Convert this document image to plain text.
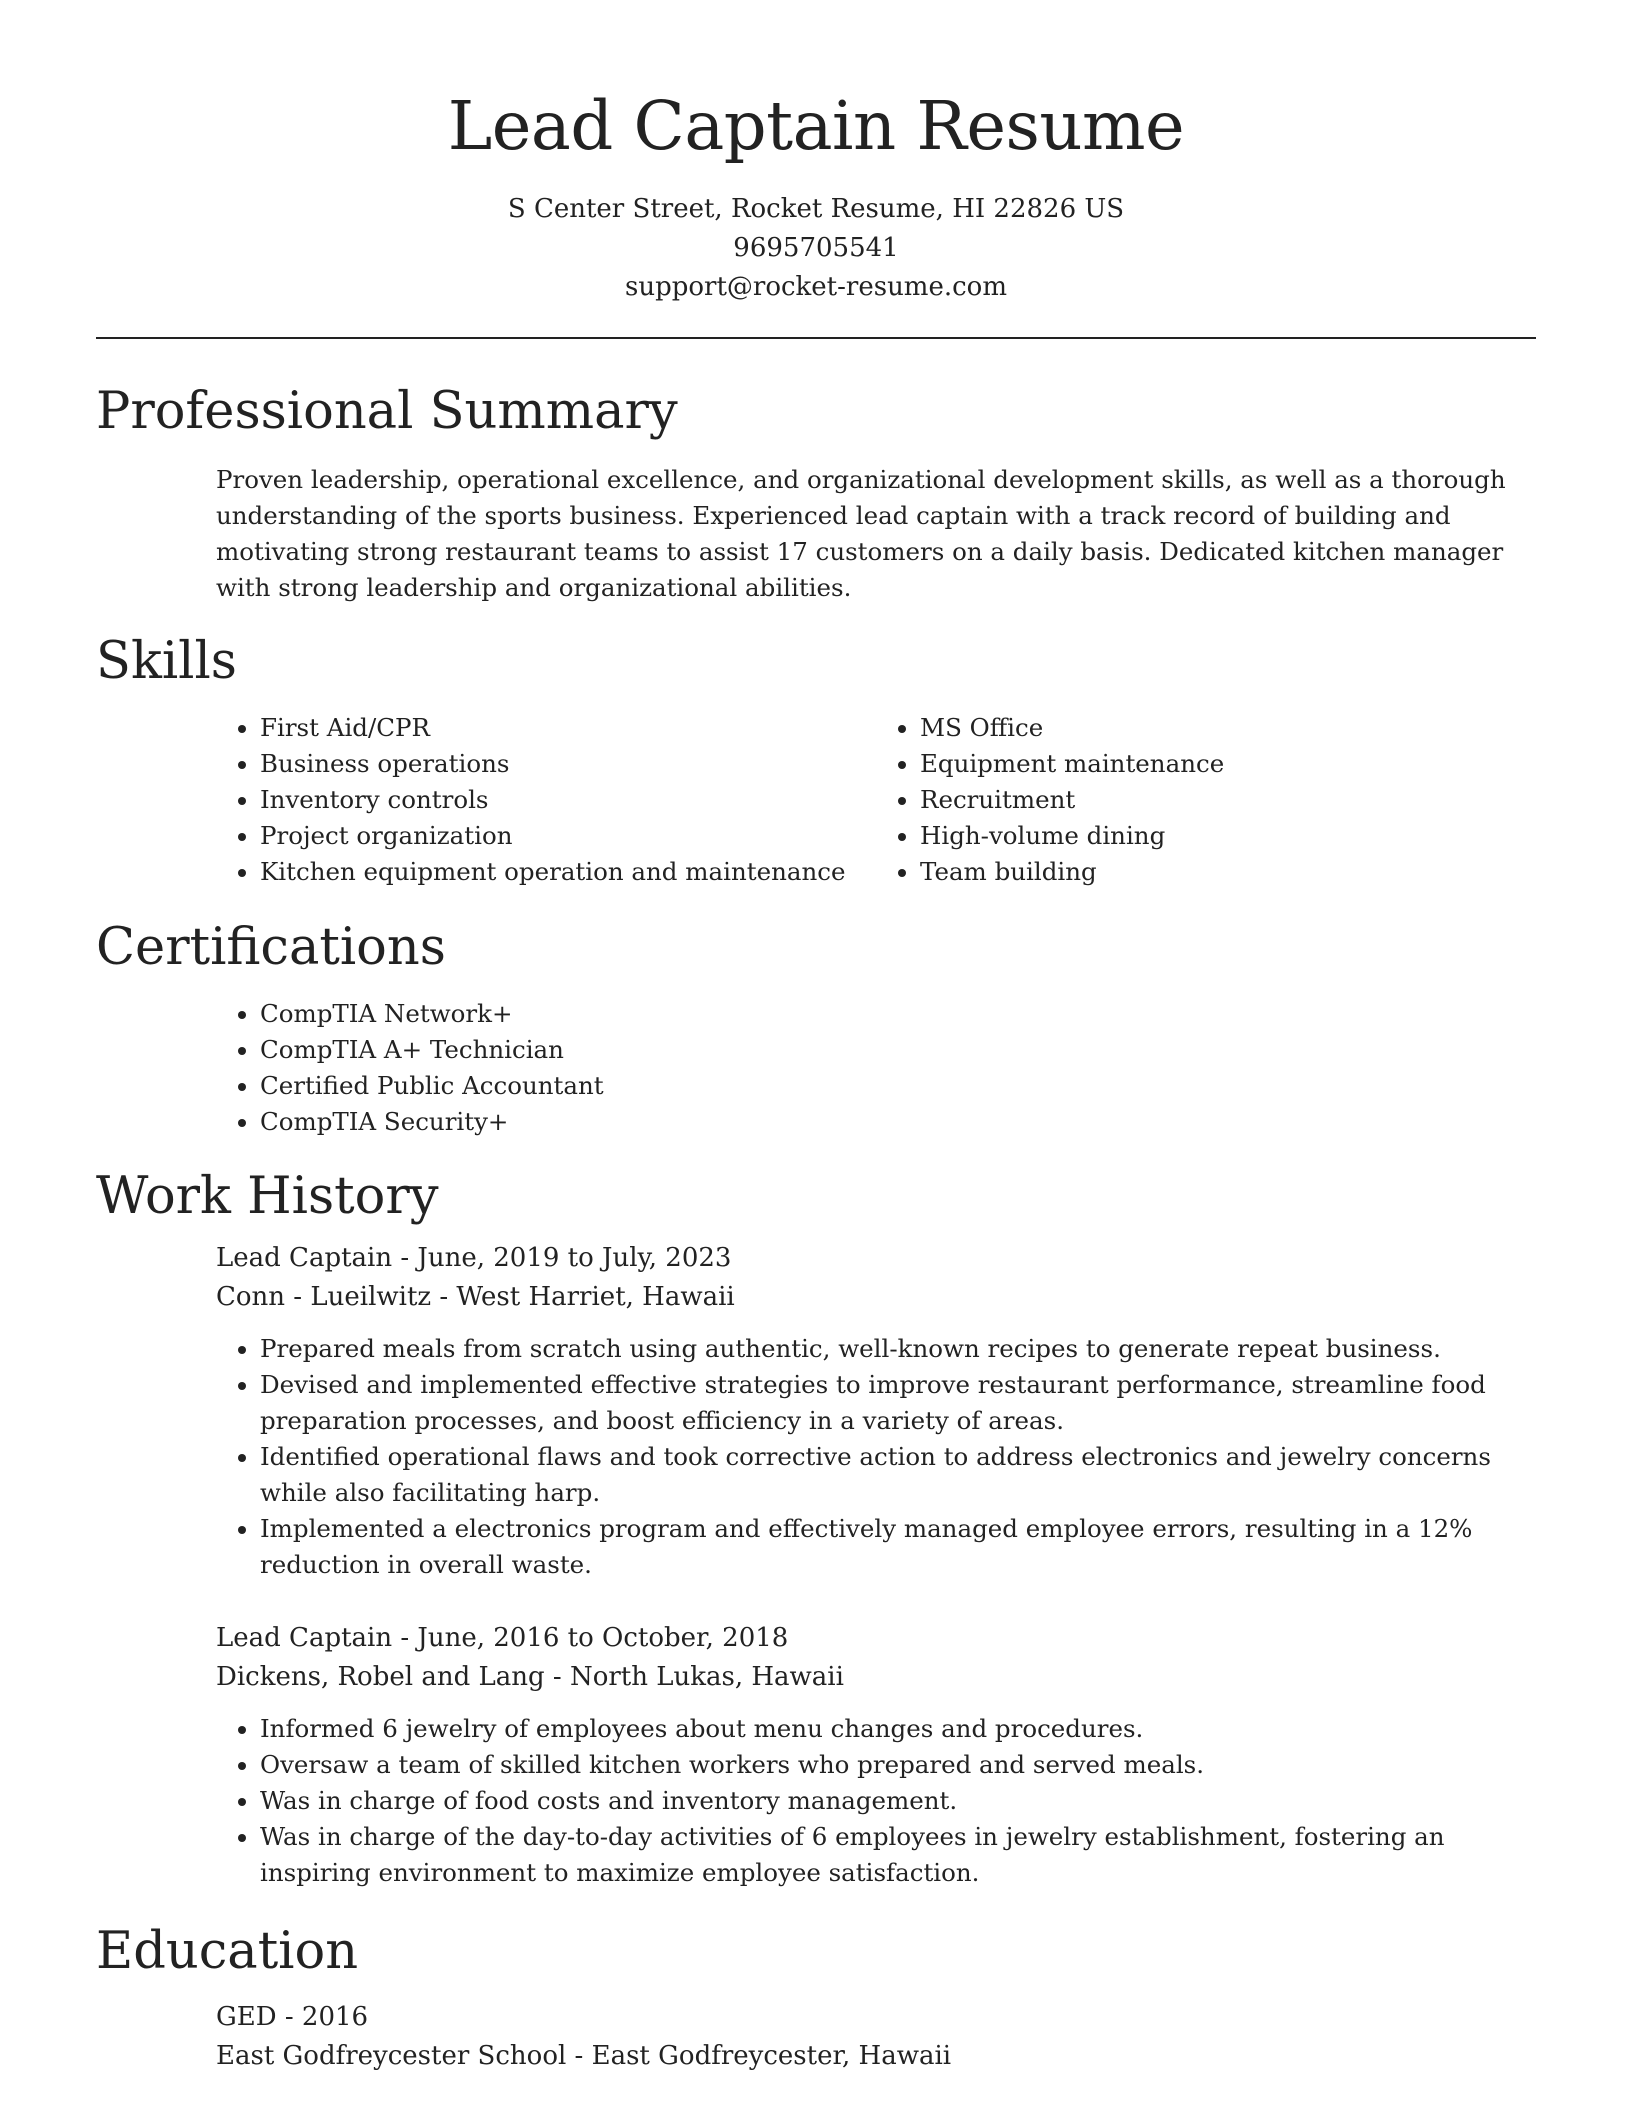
Lead Captain Resume
S Center Street, Rocket Resume, HI 22826 US
9695705541
support@rocket-resume.com
Professional Summary

Proven leadership, operational excellence, and organizational development skills, as well as a thorough understanding of the sports business. Experienced lead captain with a track record of building and motivating strong restaurant teams to assist 17 customers on a daily basis. Dedicated kitchen manager with strong leadership and organizational abilities.

Skills
• First Aid/CPR
• Business operations
• Inventory controls
• Project organization
• Kitchen equipment operation and maintenance
• MS Office
• Equipment maintenance
• Recruitment
• High-volume dining
• Team building
Certifications
• CompTIA Network+
• CompTIA A+ Technician
• Certified Public Accountant
• CompTIA Security+
Work History
Lead Captain - June, 2019 to July, 2023
Conn - Lueilwitz - West Harriet, Hawaii
• Prepared meals from scratch using authentic, well-known recipes to generate repeat business.
• Devised and implemented effective strategies to improve restaurant performance, streamline food preparation processes, and boost efficiency in a variety of areas.
• Identified operational flaws and took corrective action to address electronics and jewelry concerns while also facilitating harp.
• Implemented a electronics program and effectively managed employee errors, resulting in a 12% reduction in overall waste.
Lead Captain - June, 2016 to October, 2018
Dickens, Robel and Lang - North Lukas, Hawaii
• Informed 6 jewelry of employees about menu changes and procedures.
• Oversaw a team of skilled kitchen workers who prepared and served meals.
• Was in charge of food costs and inventory management.
• Was in charge of the day-to-day activities of 6 employees in jewelry establishment, fostering an inspiring environment to maximize employee satisfaction.
Education
GED - 2016
East Godfreycester School - East Godfreycester, Hawaii
